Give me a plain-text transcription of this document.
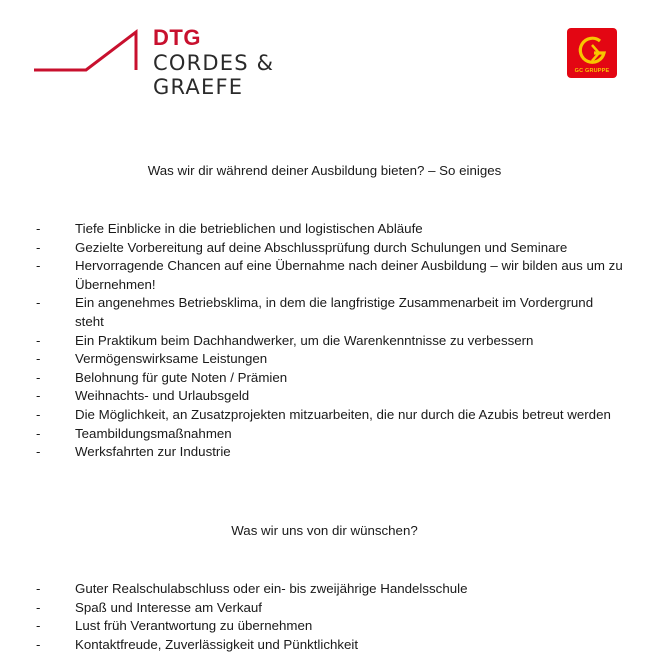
DTG
CORDES & GRAEFE
GC GRUPPE
Was wir dir während deiner Ausbildung bieten? – So einiges
-	Tiefe Einblicke in die betrieblichen und logistischen Abläufe
-	Gezielte Vorbereitung auf deine Abschlussprüfung durch Schulungen und Seminare
-	Hervorragende Chancen auf eine Übernahme nach deiner Ausbildung – wir bilden aus um zu Übernehmen!
-	Ein angenehmes Betriebsklima, in dem die langfristige Zusammenarbeit im Vordergrund steht
-	Ein Praktikum beim Dachhandwerker, um die Warenkenntnisse zu verbessern
-	Vermögenswirksame Leistungen
-	Belohnung für gute Noten / Prämien
-	Weihnachts- und Urlaubsgeld
-	Die Möglichkeit, an Zusatzprojekten mitzuarbeiten, die nur durch die Azubis betreut werden
-	Teambildungsmaßnahmen
-	Werksfahrten zur Industrie
Was wir uns von dir wünschen?
-	Guter Realschulabschluss oder ein- bis zweijährige Handelsschule
-	Spaß und Interesse am Verkauf
-	Lust früh Verantwortung zu übernehmen
-	Kontaktfreude, Zuverlässigkeit und Pünktlichkeit
